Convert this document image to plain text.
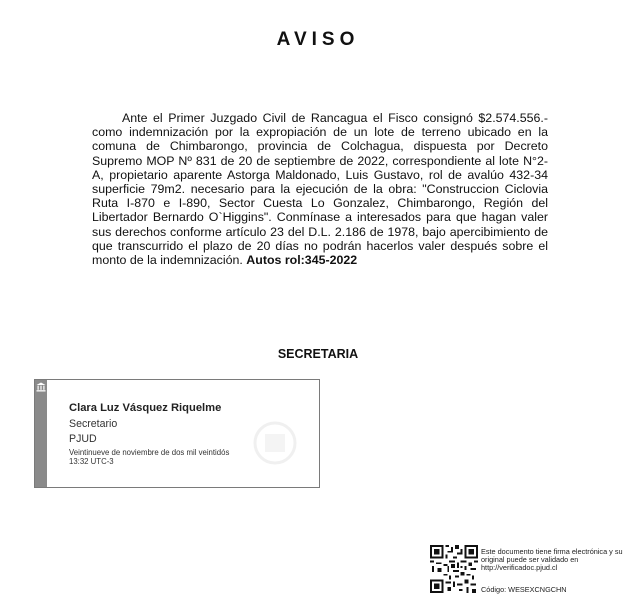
AVISO
Ante el Primer Juzgado Civil de Rancagua el Fisco consignó $2.574.556.- como indemnización por la expropiación de un lote de terreno ubicado en la comuna de Chimbarongo, provincia de Colchagua, dispuesta por Decreto Supremo MOP Nº 831 de 20 de septiembre de 2022, correspondiente al lote N°2-A, propietario aparente Astorga Maldonado, Luis Gustavo, rol de avalúo 432-34 superficie 79m2. necesario para la ejecución de la obra: "Construccion Ciclovia Ruta I-870 e I-890, Sector Cuesta Lo Gonzalez, Chimbarongo, Región del Libertador Bernardo O`Higgins". Conmínase a interesados para que hagan valer sus derechos conforme artículo 23 del D.L. 2.186 de 1978, bajo apercibimiento de que transcurrido el plazo de 20 días no podrán hacerlos valer después sobre el monto de la indemnización. Autos rol:345-2022
SECRETARIA
Clara Luz Vásquez Riquelme
Secretario
PJUD
Veintinueve de noviembre de dos mil veintidós
13:32 UTC-3
Este documento tiene firma electrónica y su original puede ser validado en http://verificadoc.pjud.cl
Código: WESEXCNGCHN
